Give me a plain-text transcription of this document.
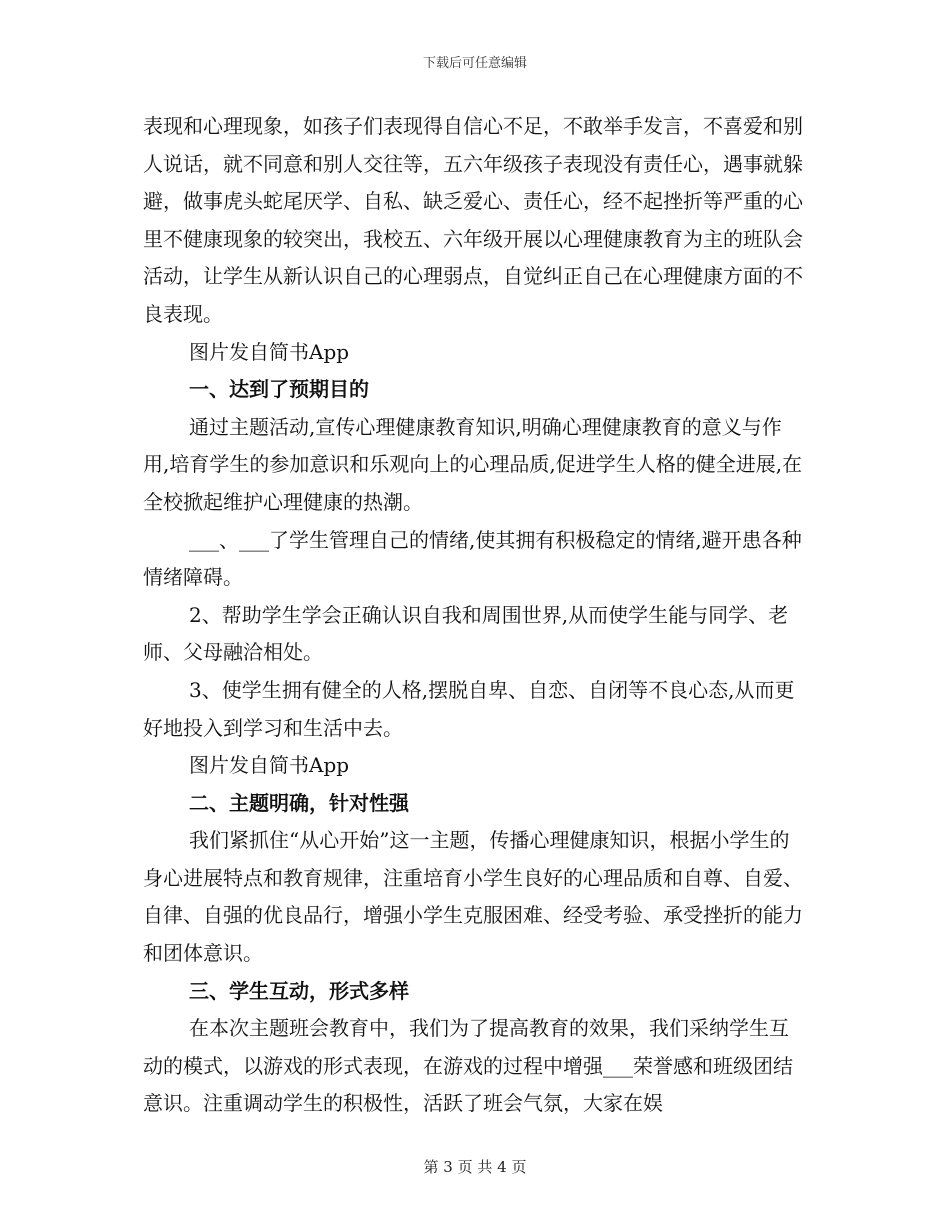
下载后可任意编辑

表现和心理现象，如孩子们表现得自信心不足，不敢举手发言，不喜爱和别人说话，就不同意和别人交往等，五六年级孩子表现没有责任心，遇事就躲避，做事虎头蛇尾厌学、自私、缺乏爱心、责任心，经不起挫折等严重的心里不健康现象的较突出，我校五、六年级开展以心理健康教育为主的班队会活动，让学生从新认识自己的心理弱点，自觉纠正自己在心理健康方面的不良表现。

图片发自简书App

一、达到了预期目的

通过主题活动,宣传心理健康教育知识,明确心理健康教育的意义与作用,培育学生的参加意识和乐观向上的心理品质,促进学生人格的健全进展,在全校掀起维护心理健康的热潮。

___、___了学生管理自己的情绪,使其拥有积极稳定的情绪,避开患各种情绪障碍。

2、帮助学生学会正确认识自我和周围世界,从而使学生能与同学、老师、父母融洽相处。

3、使学生拥有健全的人格,摆脱自卑、自恋、自闭等不良心态,从而更好地投入到学习和生活中去。

图片发自简书App

二、主题明确，针对性强

我们紧抓住“从心开始”这一主题，传播心理健康知识，根据小学生的身心进展特点和教育规律，注重培育小学生良好的心理品质和自尊、自爱、自律、自强的优良品行，增强小学生克服困难、经受考验、承受挫折的能力和团体意识。

三、学生互动，形式多样

在本次主题班会教育中，我们为了提高教育的效果，我们采纳学生互动的模式，以游戏的形式表现，在游戏的过程中增强___荣誉感和班级团结意识。注重调动学生的积极性，活跃了班会气氛，大家在娱

第 3 页 共 4 页
